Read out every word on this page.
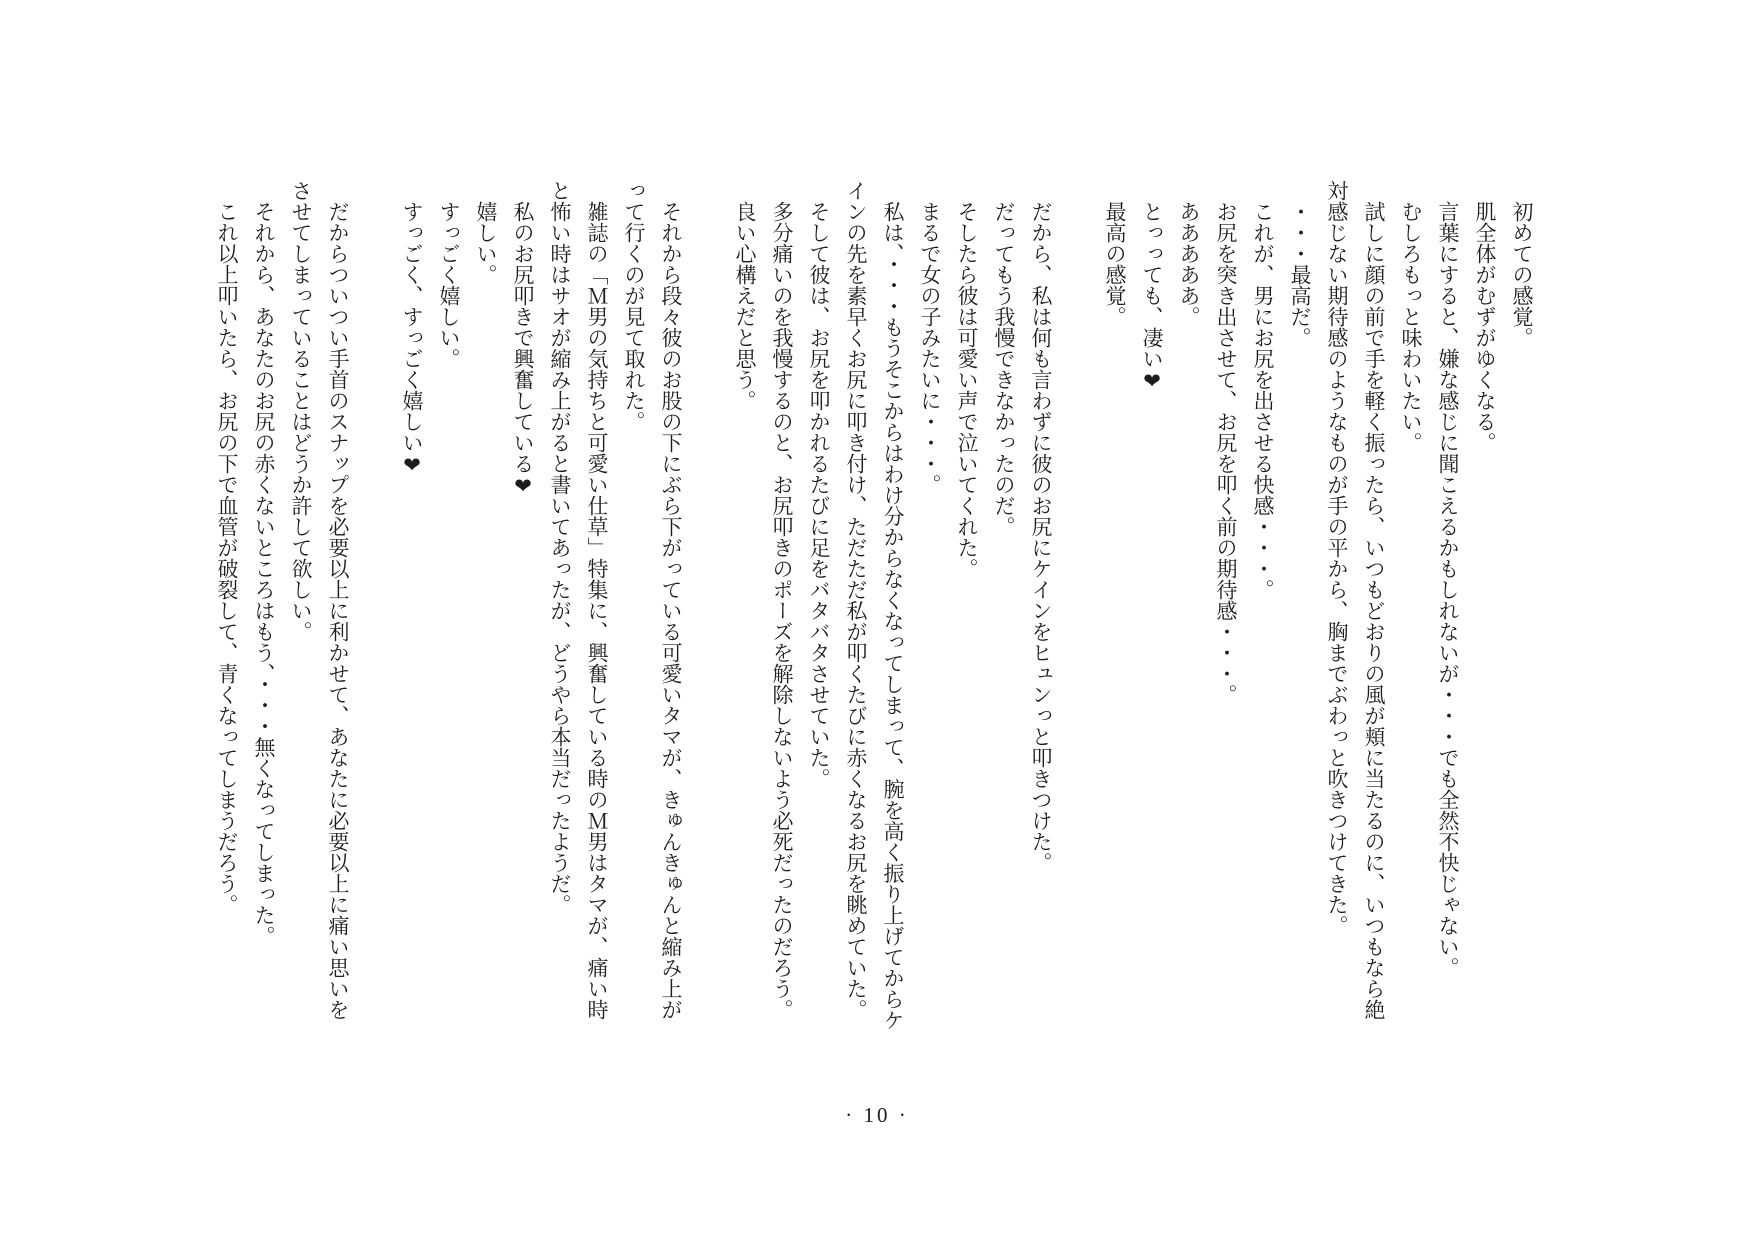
初めての感覚。
肌全体がむずがゆくなる。
言葉にすると、嫌な感じに聞こえるかもしれないが・・・でも全然不快じゃない。
むしろもっと味わいたい。
試しに顔の前で手を軽く振ったら、いつもどおりの風が頬に当たるのに、いつもなら絶
対感じない期待感のようなものが手の平から、胸までぶわっと吹きつけてきた。
・・・最高だ。
これが、男にお尻を出させる快感・・・。
お尻を突き出させて、お尻を叩く前の期待感・・・。
あああああ。
とっっても、凄い❤
最高の感覚。

だから、私は何も言わずに彼のお尻にケインをヒュンっと叩きつけた。
だってもう我慢できなかったのだ。
そしたら彼は可愛い声で泣いてくれた。
まるで女の子みたいに・・・。
私は、・・・もうそこからはわけ分からなくなってしまって、腕を高く振り上げてからケ
インの先を素早くお尻に叩き付け、ただただ私が叩くたびに赤くなるお尻を眺めていた。
そして彼は、お尻を叩かれるたびに足をバタバタさせていた。
多分痛いのを我慢するのと、お尻叩きのポーズを解除しないよう必死だったのだろう。
良い心構えだと思う。

それから段々彼のお股の下にぶら下がっている可愛いタマが、きゅんきゅんと縮み上が
って行くのが見て取れた。
雑誌の「Ｍ男の気持ちと可愛い仕草」特集に、興奮している時のＭ男はタマが、痛い時
と怖い時はサオが縮み上がると書いてあったが、どうやら本当だったようだ。
私のお尻叩きで興奮している❤
嬉しい。
すっごく嬉しい。
すっごく、すっごく嬉しい❤

だからついつい手首のスナップを必要以上に利かせて、あなたに必要以上に痛い思いを
させてしまっていることはどうか許して欲しい。
それから、あなたのお尻の赤くないところはもう、・・・無くなってしまった。
これ以上叩いたら、お尻の下で血管が破裂して、青くなってしまうだろう。
· 10 ·
